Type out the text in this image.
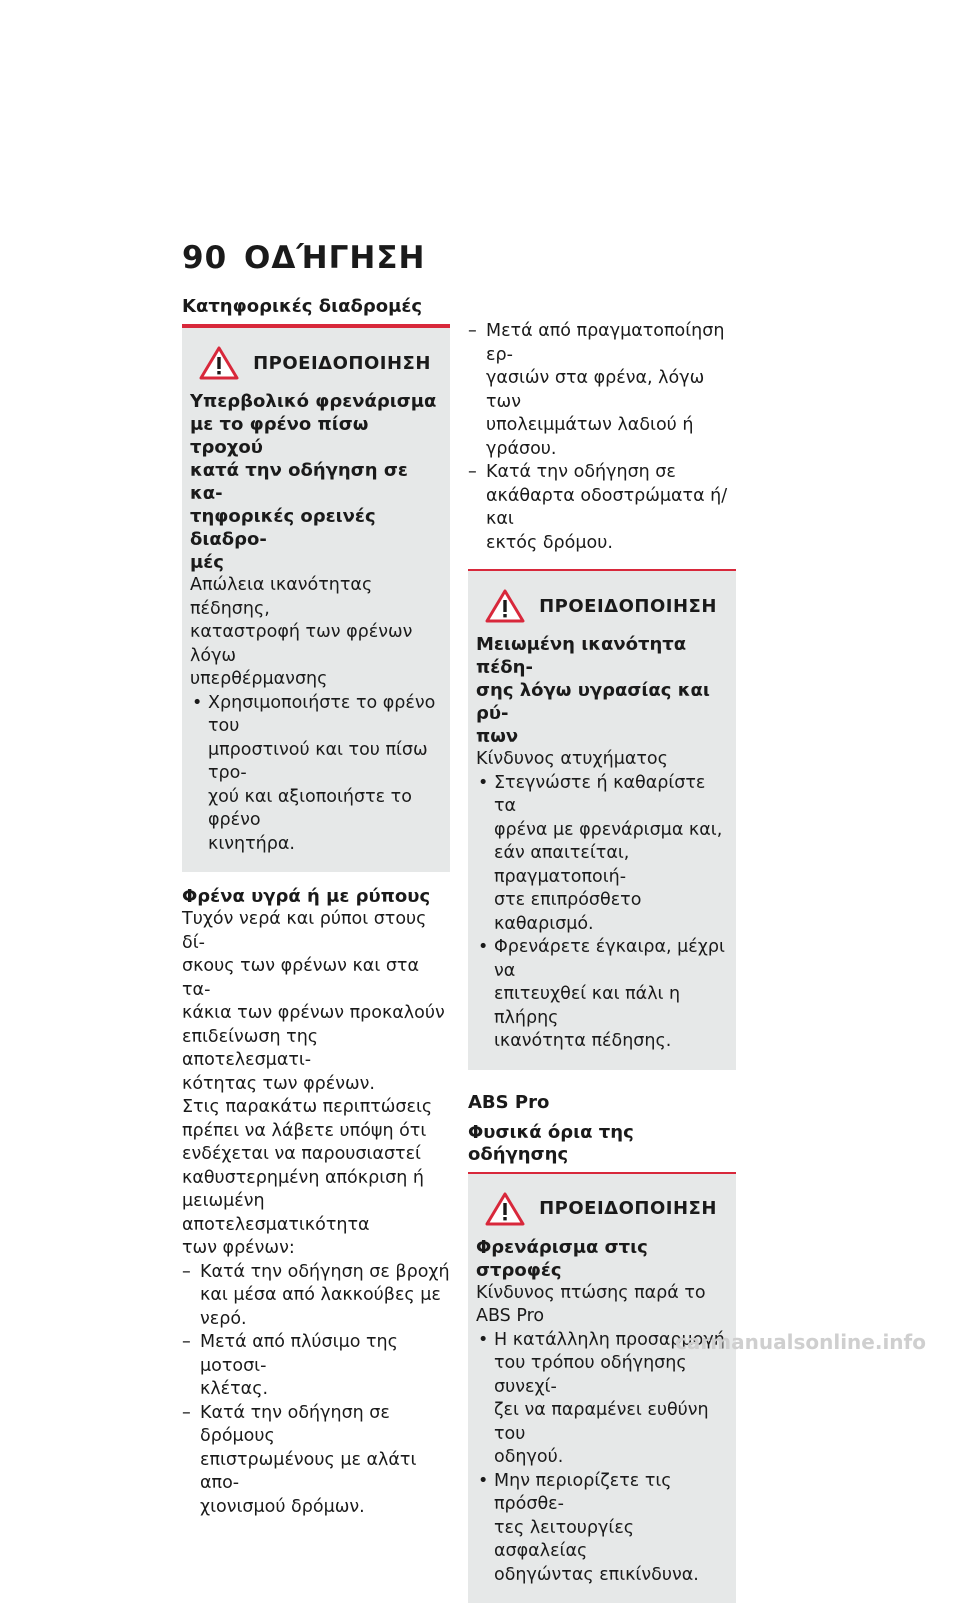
90 ΟΔΉΓΗΣΗ
Κατηφορικές διαδρομές
ΠΡΟΕΙΔΟΠΟΙΗΣΗ
Υπερβολικό φρενάρισμα
με το φρένο πίσω τροχού
κατά την οδήγηση σε κα-
τηφορικές ορεινές διαδρο-
μές

Απώλεια ικανότητας πέδησης,
καταστροφή των φρένων λόγω
υπερθέρμανσης

• Χρησιμοποιήστε το φρένο του
μπροστινού και του πίσω τρο-
χού και αξιοποιήστε το φρένο
κινητήρα.
Φρένα υγρά ή με ρύπους

Τυχόν νερά και ρύποι στους δί-
σκους των φρένων και στα τα-
κάκια των φρένων προκαλούν
επιδείνωση της αποτελεσματι-
κότητας των φρένων.

Στις παρακάτω περιπτώσεις
πρέπει να λάβετε υπόψη ότι
ενδέχεται να παρουσιαστεί
καθυστερημένη απόκριση ή
μειωμένη αποτελεσματικότητα
των φρένων:

– Κατά την οδήγηση σε βροχή
και μέσα από λακκούβες με
νερό.
– Μετά από πλύσιμο της μοτοσι-
κλέτας.
– Κατά την οδήγηση σε δρόμους
επιστρωμένους με αλάτι απο-
χιονισμού δρόμων.
– Μετά από πραγματοποίηση ερ-
γασιών στα φρένα, λόγω των
υπολειμμάτων λαδιού ή γράσου.
– Κατά την οδήγηση σε
ακάθαρτα οδοστρώματα ή/και
εκτός δρόμου.
ΠΡΟΕΙΔΟΠΟΙΗΣΗ
Μειωμένη ικανότητα πέδη-
σης λόγω υγρασίας και ρύ-
πων

Κίνδυνος ατυχήματος

• Στεγνώστε ή καθαρίστε τα
φρένα με φρενάρισμα και,
εάν απαιτείται, πραγματοποιή-
στε επιπρόσθετο καθαρισμό.
• Φρενάρετε έγκαιρα, μέχρι να
επιτευχθεί και πάλι η πλήρης
ικανότητα πέδησης.
ABS Pro
Φυσικά όρια της οδήγησης
ΠΡΟΕΙΔΟΠΟΙΗΣΗ
Φρενάρισμα στις στροφές

Κίνδυνος πτώσης παρά το
ABS Pro

• Η κατάλληλη προσαρμογή
του τρόπου οδήγησης συνεχί-
ζει να παραμένει ευθύνη του
οδηγού.
• Μην περιορίζετε τις πρόσθε-
τες λειτουργίες ασφαλείας
οδηγώντας επικίνδυνα.
carmanualsonline.info
